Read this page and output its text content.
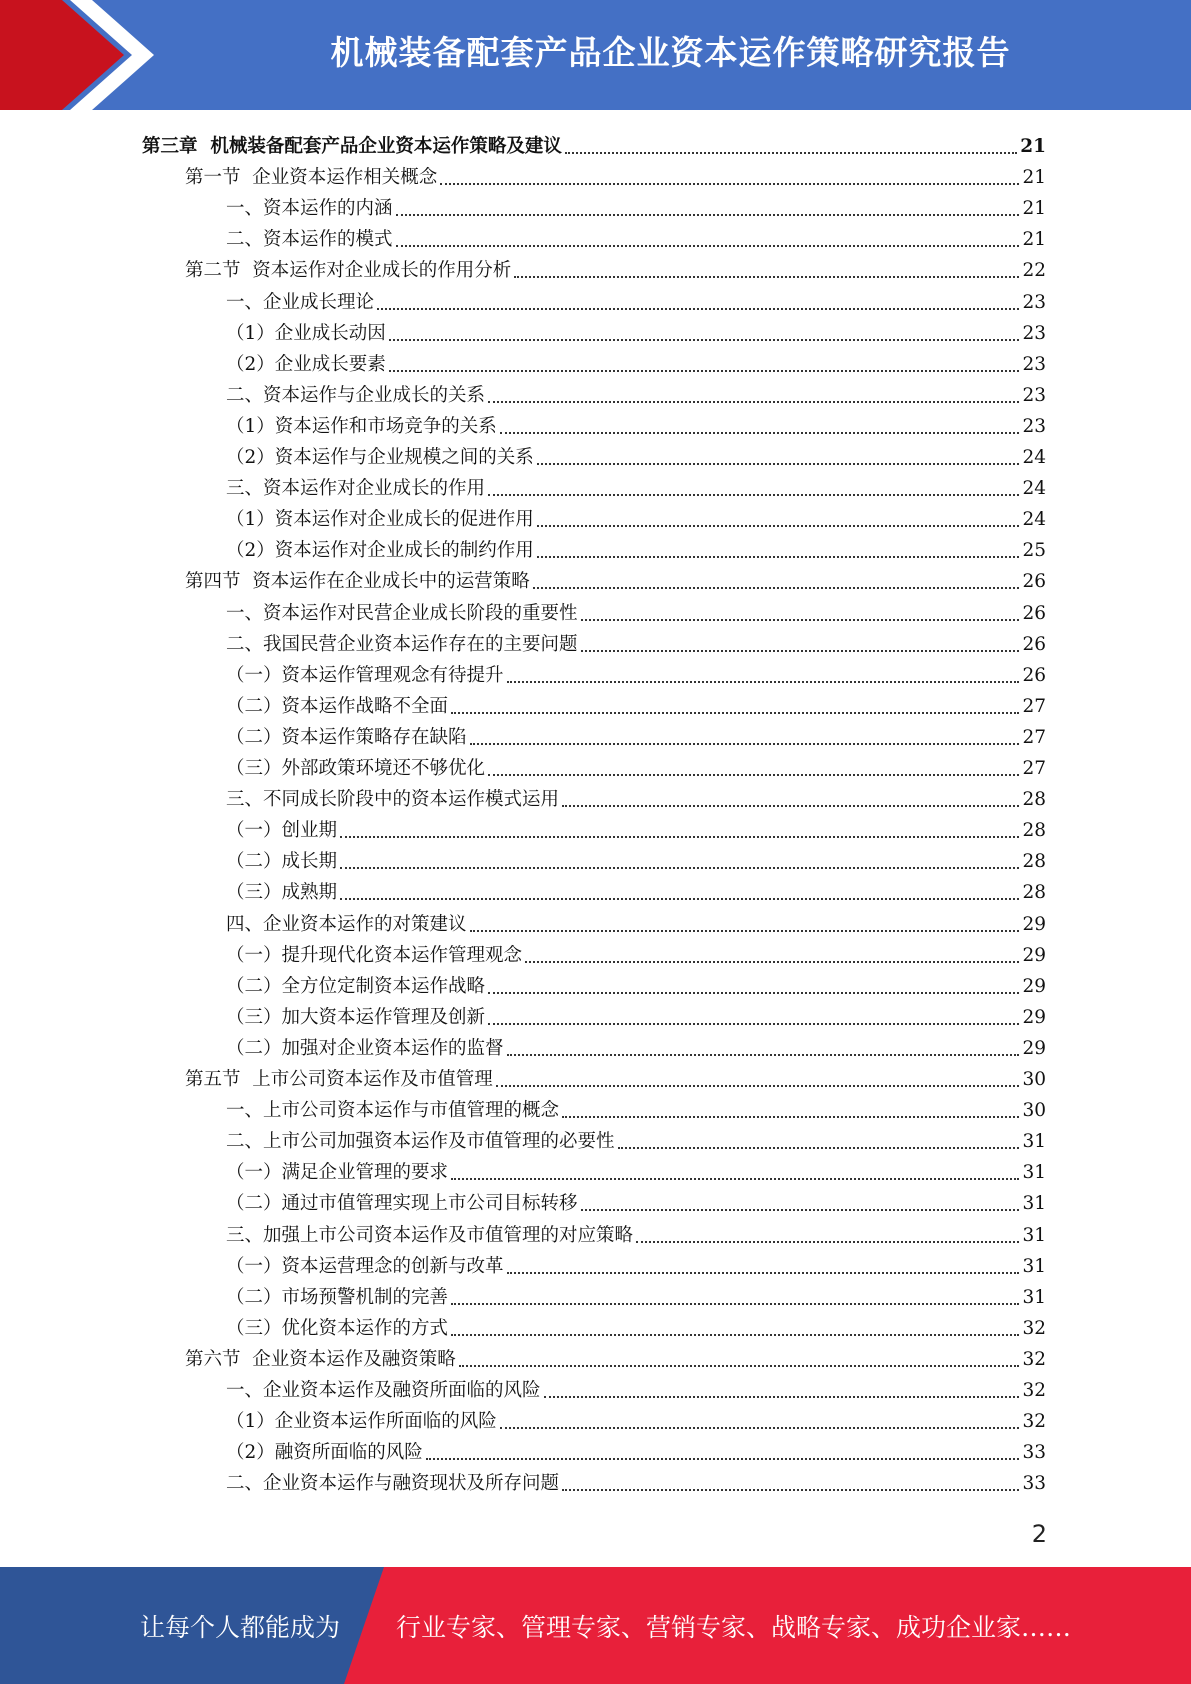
机械装备配套产品企业资本运作策略研究报告
第三章  机械装备配套产品企业资本运作策略及建议	21
第一节  企业资本运作相关概念	21
一、资本运作的内涵	21
二、资本运作的模式	21
第二节  资本运作对企业成长的作用分析	22
一、企业成长理论	23
（1）企业成长动因	23
（2）企业成长要素	23
二、资本运作与企业成长的关系	23
（1）资本运作和市场竞争的关系	23
（2）资本运作与企业规模之间的关系	24
三、资本运作对企业成长的作用	24
（1）资本运作对企业成长的促进作用	24
（2）资本运作对企业成长的制约作用	25
第四节  资本运作在企业成长中的运营策略	26
一、资本运作对民营企业成长阶段的重要性	26
二、我国民营企业资本运作存在的主要问题	26
（一）资本运作管理观念有待提升	26
（二）资本运作战略不全面	27
（二）资本运作策略存在缺陷	27
（三）外部政策环境还不够优化	27
三、不同成长阶段中的资本运作模式运用	28
（一）创业期	28
（二）成长期	28
（三）成熟期	28
四、企业资本运作的对策建议	29
（一）提升现代化资本运作管理观念	29
（二）全方位定制资本运作战略	29
（三）加大资本运作管理及创新	29
（二）加强对企业资本运作的监督	29
第五节  上市公司资本运作及市值管理	30
一、上市公司资本运作与市值管理的概念	30
二、上市公司加强资本运作及市值管理的必要性	31
（一）满足企业管理的要求	31
（二）通过市值管理实现上市公司目标转移	31
三、加强上市公司资本运作及市值管理的对应策略	31
（一）资本运营理念的创新与改革	31
（二）市场预警机制的完善	31
（三）优化资本运作的方式	32
第六节  企业资本运作及融资策略	32
一、企业资本运作及融资所面临的风险	32
（1）企业资本运作所面临的风险	32
（2）融资所面临的风险	33
二、企业资本运作与融资现状及所存问题	33
2
让每个人都能成为 行业专家、管理专家、营销专家、战略专家、成功企业家……
